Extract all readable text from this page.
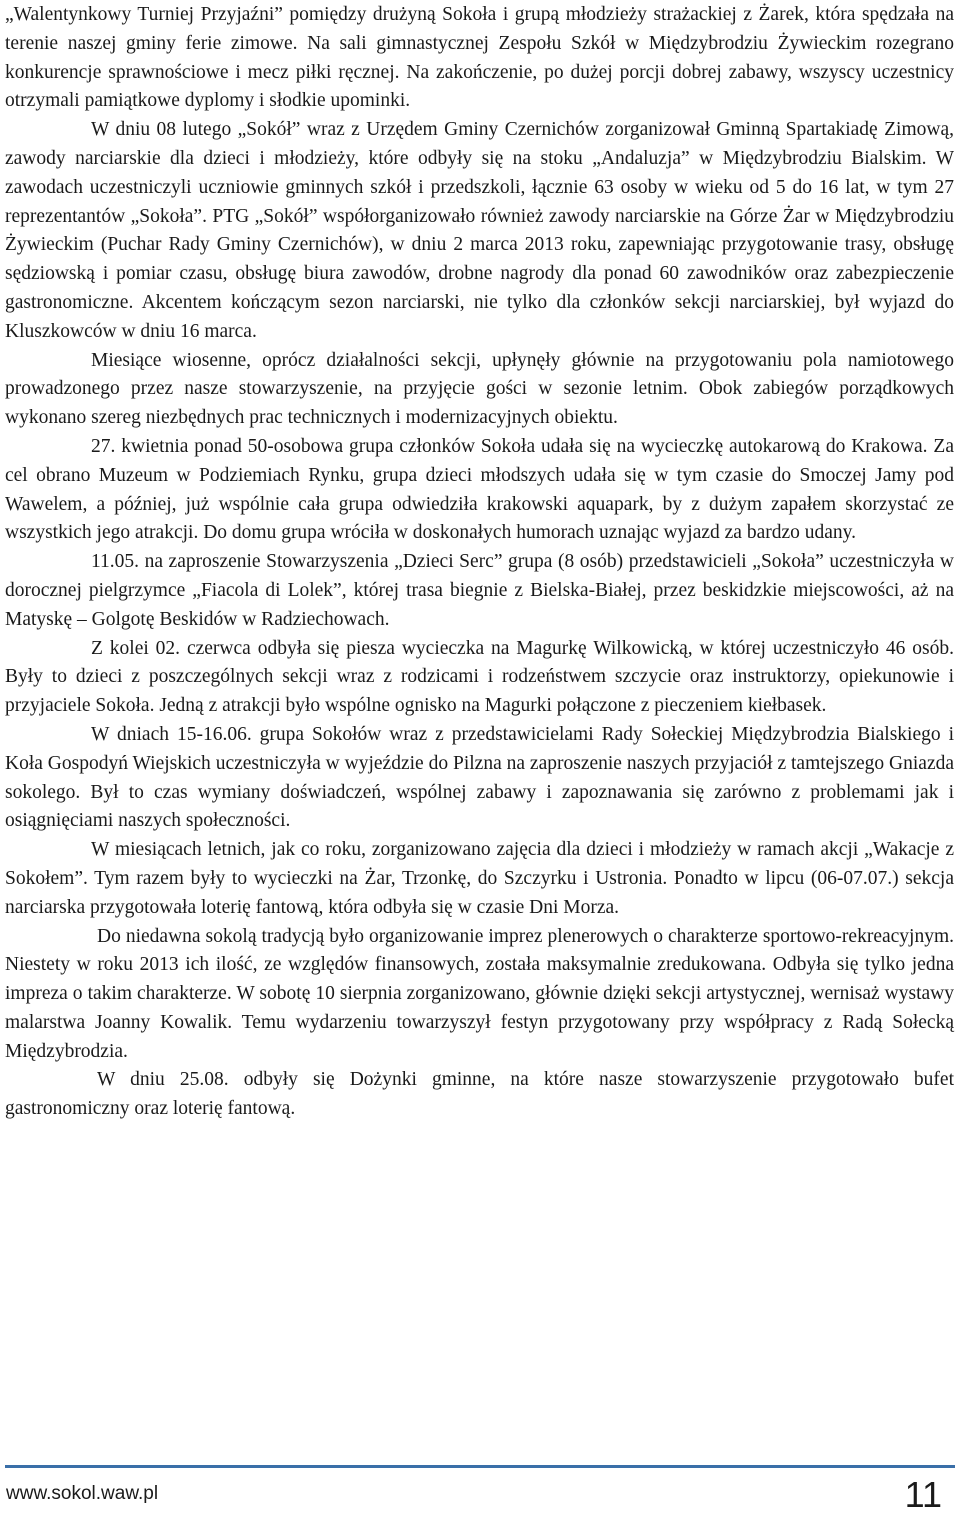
„Walentynkowy Turniej Przyjaźni” pomiędzy drużyną Sokoła i grupą młodzieży strażackiej z Żarek, która spędzała na terenie naszej gminy ferie zimowe. Na sali gimnastycznej Zespołu Szkół w Międzybrodziu Żywieckim rozegrano konkurencje sprawnościowe i mecz piłki ręcznej. Na zakończenie, po dużej porcji dobrej zabawy, wszyscy uczestnicy otrzymali pamiątkowe dyplomy i słodkie upominki.

W dniu 08 lutego „Sokół” wraz z Urzędem Gminy Czernichów zorganizował Gminną Spartakiadę Zimową, zawody narciarskie dla dzieci i młodzieży, które odbyły się na stoku „Andaluzja” w Międzybrodziu Bialskim. W zawodach uczestniczyli uczniowie gminnych szkół i przedszkoli, łącznie 63 osoby w wieku od 5 do 16 lat, w tym 27 reprezentantów „Sokoła”. PTG „Sokół” współorganizowało również zawody narciarskie na Górze Żar w Międzybrodziu Żywieckim (Puchar Rady Gminy Czernichów), w dniu 2 marca 2013 roku, zapewniając przygotowanie trasy, obsługę sędziowską i pomiar czasu, obsługę biura zawodów, drobne nagrody dla ponad 60 zawodników oraz zabezpieczenie gastronomiczne. Akcentem kończącym sezon narciarski, nie tylko dla członków sekcji narciarskiej, był wyjazd do Kluszkowców w dniu 16 marca.

Miesiące wiosenne, oprócz działalności sekcji, upłynęły głównie na przygotowaniu pola namiotowego prowadzonego przez nasze stowarzyszenie, na przyjęcie gości w sezonie letnim. Obok zabiegów porządkowych wykonano szereg niezbędnych prac technicznych i modernizacyjnych obiektu.

27. kwietnia ponad 50-osobowa grupa członków Sokoła udała się na wycieczkę autokarową do Krakowa. Za cel obrano Muzeum w Podziemiach Rynku, grupa dzieci młodszych udała się w tym czasie do Smoczej Jamy pod Wawelem, a później, już wspólnie cała grupa odwiedziła krakowski aquapark, by z dużym zapałem skorzystać ze wszystkich jego atrakcji. Do domu grupa wróciła w doskonałych humorach uznając wyjazd za bardzo udany.

11.05. na zaproszenie Stowarzyszenia „Dzieci Serc” grupa (8 osób) przedstawicieli „Sokoła” uczestniczyła w dorocznej pielgrzymce „Fiacola di Lolek”, której trasa biegnie z Bielska-Białej, przez beskidzkie miejscowości, aż na Matyskę – Golgotę Beskidów w Radziechowach.

Z kolei 02. czerwca odbyła się piesza wycieczka na Magurkę Wilkowicką, w której uczestniczyło 46 osób. Były to dzieci z poszczególnych sekcji wraz z rodzicami i rodzeństwem szczycie oraz instruktorzy, opiekunowie i przyjaciele Sokoła. Jedną z atrakcji było wspólne ognisko na Magurki połączone z pieczeniem kiełbasek.

W dniach 15-16.06. grupa Sokołów wraz z przedstawicielami Rady Sołeckiej Międzybrodzia Bialskiego i Koła Gospodyń Wiejskich uczestniczyła w wyjeździe do Pilzna na zaproszenie naszych przyjaciół z tamtejszego Gniazda sokolego. Był to czas wymiany doświadczeń, wspólnej zabawy i zapoznawania się zarówno z problemami jak i osiągnięciami naszych społeczności.

W miesiącach letnich, jak co roku, zorganizowano zajęcia dla dzieci i młodzieży w ramach akcji „Wakacje z Sokołem”. Tym razem były to wycieczki na Żar, Trzonkę, do Szczyrku i Ustronia. Ponadto w lipcu (06-07.07.) sekcja narciarska przygotowała loterię fantową, która odbyła się w czasie Dni Morza.

Do niedawna sokolą tradycją było organizowanie imprez plenerowych o charakterze sportowo-rekreacyjnym. Niestety w roku 2013 ich ilość, ze względów finansowych, została maksymalnie zredukowana. Odbyła się tylko jedna impreza o takim charakterze. W sobotę 10 sierpnia zorganizowano, głównie dzięki sekcji artystycznej, wernisaż wystawy malarstwa Joanny Kowalik. Temu wydarzeniu towarzyszył festyn przygotowany przy współpracy z Radą Sołecką Międzybrodzia.

W dniu 25.08. odbyły się Dożynki gminne, na które nasze stowarzyszenie przygotowało bufet gastronomiczny oraz loterię fantową.

www.sokol.waw.pl	11
